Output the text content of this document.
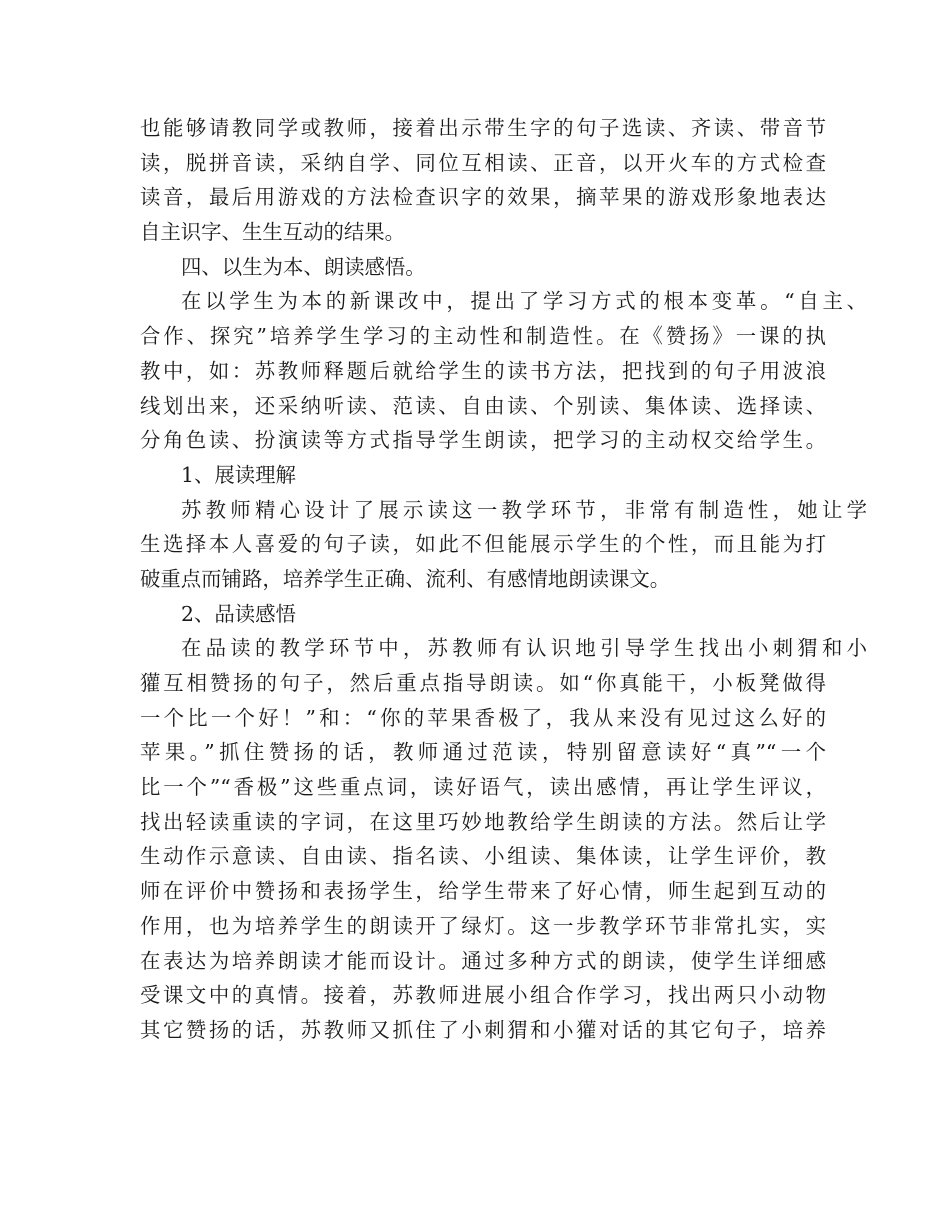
也能够请教同学或教师，接着出示带生字的句子选读、齐读、带音节
读，脱拼音读，采纳自学、同位互相读、正音，以开火车的方式检查
读音，最后用游戏的方法检查识字的效果，摘苹果的游戏形象地表达
自主识字、生生互动的结果。
四、以生为本、朗读感悟。
在以学生为本的新课改中，提出了学习方式的根本变革。“自主、
合作、探究”培养学生学习的主动性和制造性。在《赞扬》一课的执
教中，如：苏教师释题后就给学生的读书方法，把找到的句子用波浪
线划出来，还采纳听读、范读、自由读、个别读、集体读、选择读、
分角色读、扮演读等方式指导学生朗读，把学习的主动权交给学生。
1、展读理解
苏教师精心设计了展示读这一教学环节，非常有制造性，她让学
生选择本人喜爱的句子读，如此不但能展示学生的个性，而且能为打
破重点而铺路，培养学生正确、流利、有感情地朗读课文。
2、品读感悟
在品读的教学环节中，苏教师有认识地引导学生找出小刺猬和小
獾互相赞扬的句子，然后重点指导朗读。如“你真能干，小板凳做得
一个比一个好！”和：“你的苹果香极了，我从来没有见过这么好的
苹果。”抓住赞扬的话，教师通过范读，特别留意读好“真”“一个
比一个”“香极”这些重点词，读好语气，读出感情，再让学生评议，
找出轻读重读的字词，在这里巧妙地教给学生朗读的方法。然后让学
生动作示意读、自由读、指名读、小组读、集体读，让学生评价，教
师在评价中赞扬和表扬学生，给学生带来了好心情，师生起到互动的
作用，也为培养学生的朗读开了绿灯。这一步教学环节非常扎实，实
在表达为培养朗读才能而设计。通过多种方式的朗读，使学生详细感
受课文中的真情。接着，苏教师进展小组合作学习，找出两只小动物
其它赞扬的话，苏教师又抓住了小刺猬和小獾对话的其它句子，培养
